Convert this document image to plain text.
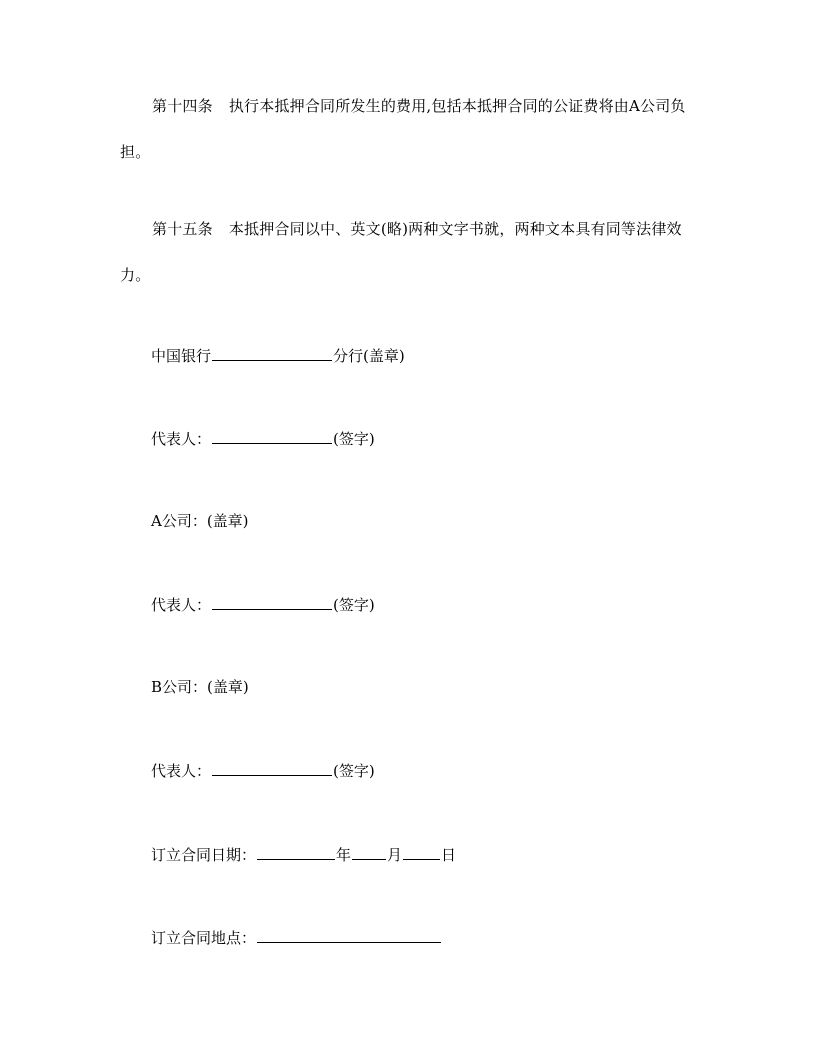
第十四条 执行本抵押合同所发生的费用,包括本抵押合同的公证费将由A公司负担。

第十五条 本抵押合同以中、英文(略)两种文字书就，两种文本具有同等法律效力。

中国银行	分行(盖章)
代表人：	(签字)
A公司：(盖章)
代表人：	(签字)
B公司：(盖章)
代表人：	(签字)
订立合同日期：	年 月	日
订立合同地点：
